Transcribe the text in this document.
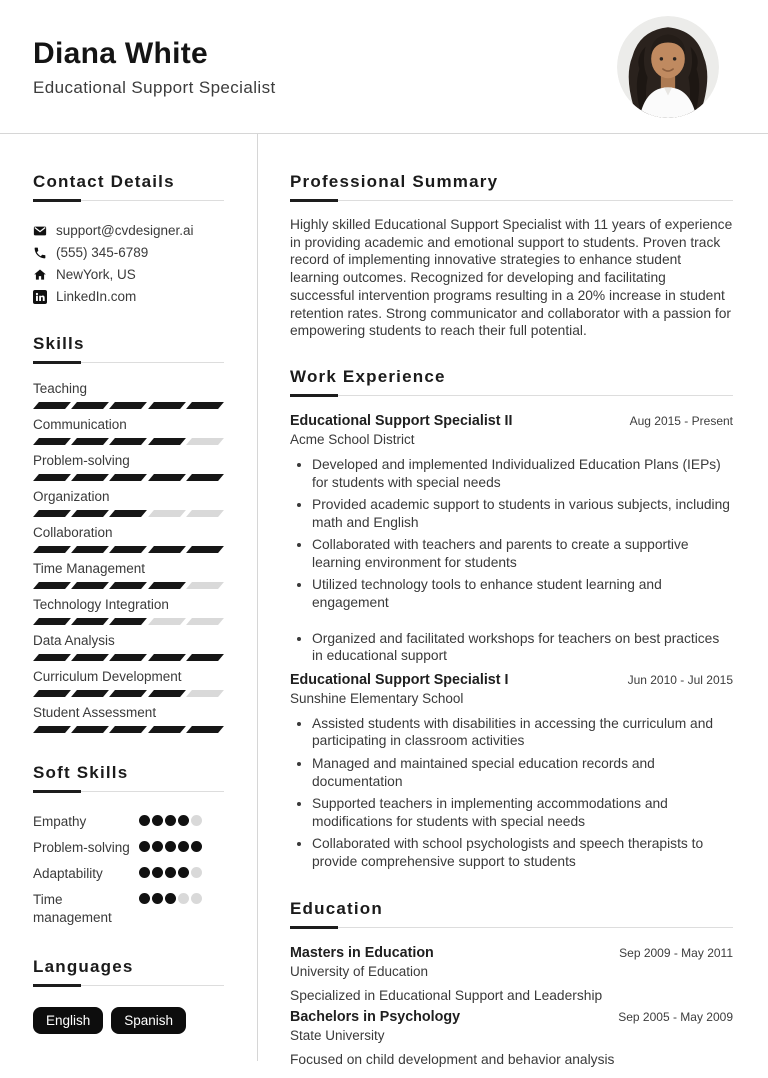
Diana White
Educational Support Specialist
Contact Details
support@cvdesigner.ai
(555) 345-6789
NewYork, US
LinkedIn.com
Skills
Teaching
Communication
Problem-solving
Organization
Collaboration
Time Management
Technology Integration
Data Analysis
Curriculum Development
Student Assessment
Soft Skills
Empathy
Problem-solving
Adaptability
Time management
Languages
English	Spanish
Professional Summary
Highly skilled Educational Support Specialist with 11 years of experience in providing academic and emotional support to students. Proven track record of implementing innovative strategies to enhance student learning outcomes. Recognized for developing and facilitating successful intervention programs resulting in a 20% increase in student retention rates. Strong communicator and collaborator with a passion for empowering students to reach their full potential.
Work Experience
Educational Support Specialist II	Aug 2015 - Present
Acme School District
• Developed and implemented Individualized Education Plans (IEPs) for students with special needs
• Provided academic support to students in various subjects, including math and English
• Collaborated with teachers and parents to create a supportive learning environment for students
• Utilized technology tools to enhance student learning and engagement
• Organized and facilitated workshops for teachers on best practices in educational support
Educational Support Specialist I	Jun 2010 - Jul 2015
Sunshine Elementary School
• Assisted students with disabilities in accessing the curriculum and participating in classroom activities
• Managed and maintained special education records and documentation
• Supported teachers in implementing accommodations and modifications for students with special needs
• Collaborated with school psychologists and speech therapists to provide comprehensive support to students
Education
Masters in Education	Sep 2009 - May 2011
University of Education
Specialized in Educational Support and Leadership
Bachelors in Psychology	Sep 2005 - May 2009
State University
Focused on child development and behavior analysis
